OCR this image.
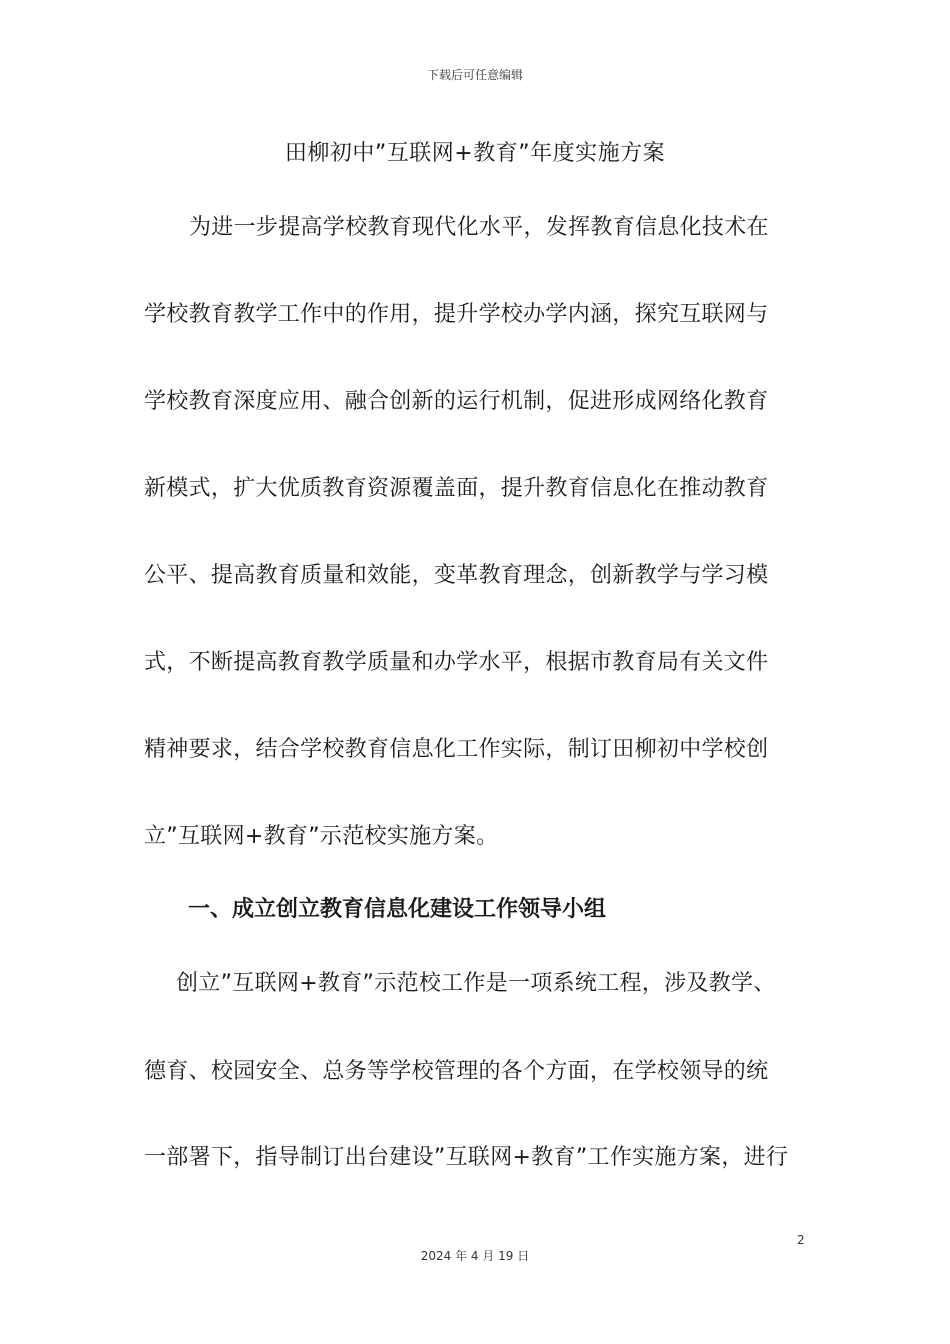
下载后可任意编辑
田柳初中”互联网+教育”年度实施方案
为进一步提高学校教育现代化水平，发挥教育信息化技术在
学校教育教学工作中的作用，提升学校办学内涵，探究互联网与
学校教育深度应用、融合创新的运行机制，促进形成网络化教育
新模式，扩大优质教育资源覆盖面，提升教育信息化在推动教育
公平、提高教育质量和效能，变革教育理念，创新教学与学习模
式，不断提高教育教学质量和办学水平，根据市教育局有关文件
精神要求，结合学校教育信息化工作实际，制订田柳初中学校创
立”互联网+教育”示范校实施方案。
一、成立创立教育信息化建设工作领导小组
创立”互联网+教育”示范校工作是一项系统工程，涉及教学、
德育、校园安全、总务等学校管理的各个方面，在学校领导的统
一部署下，指导制订出台建设”互联网+教育”工作实施方案，进行
2
2024 年 4 月 19 日
